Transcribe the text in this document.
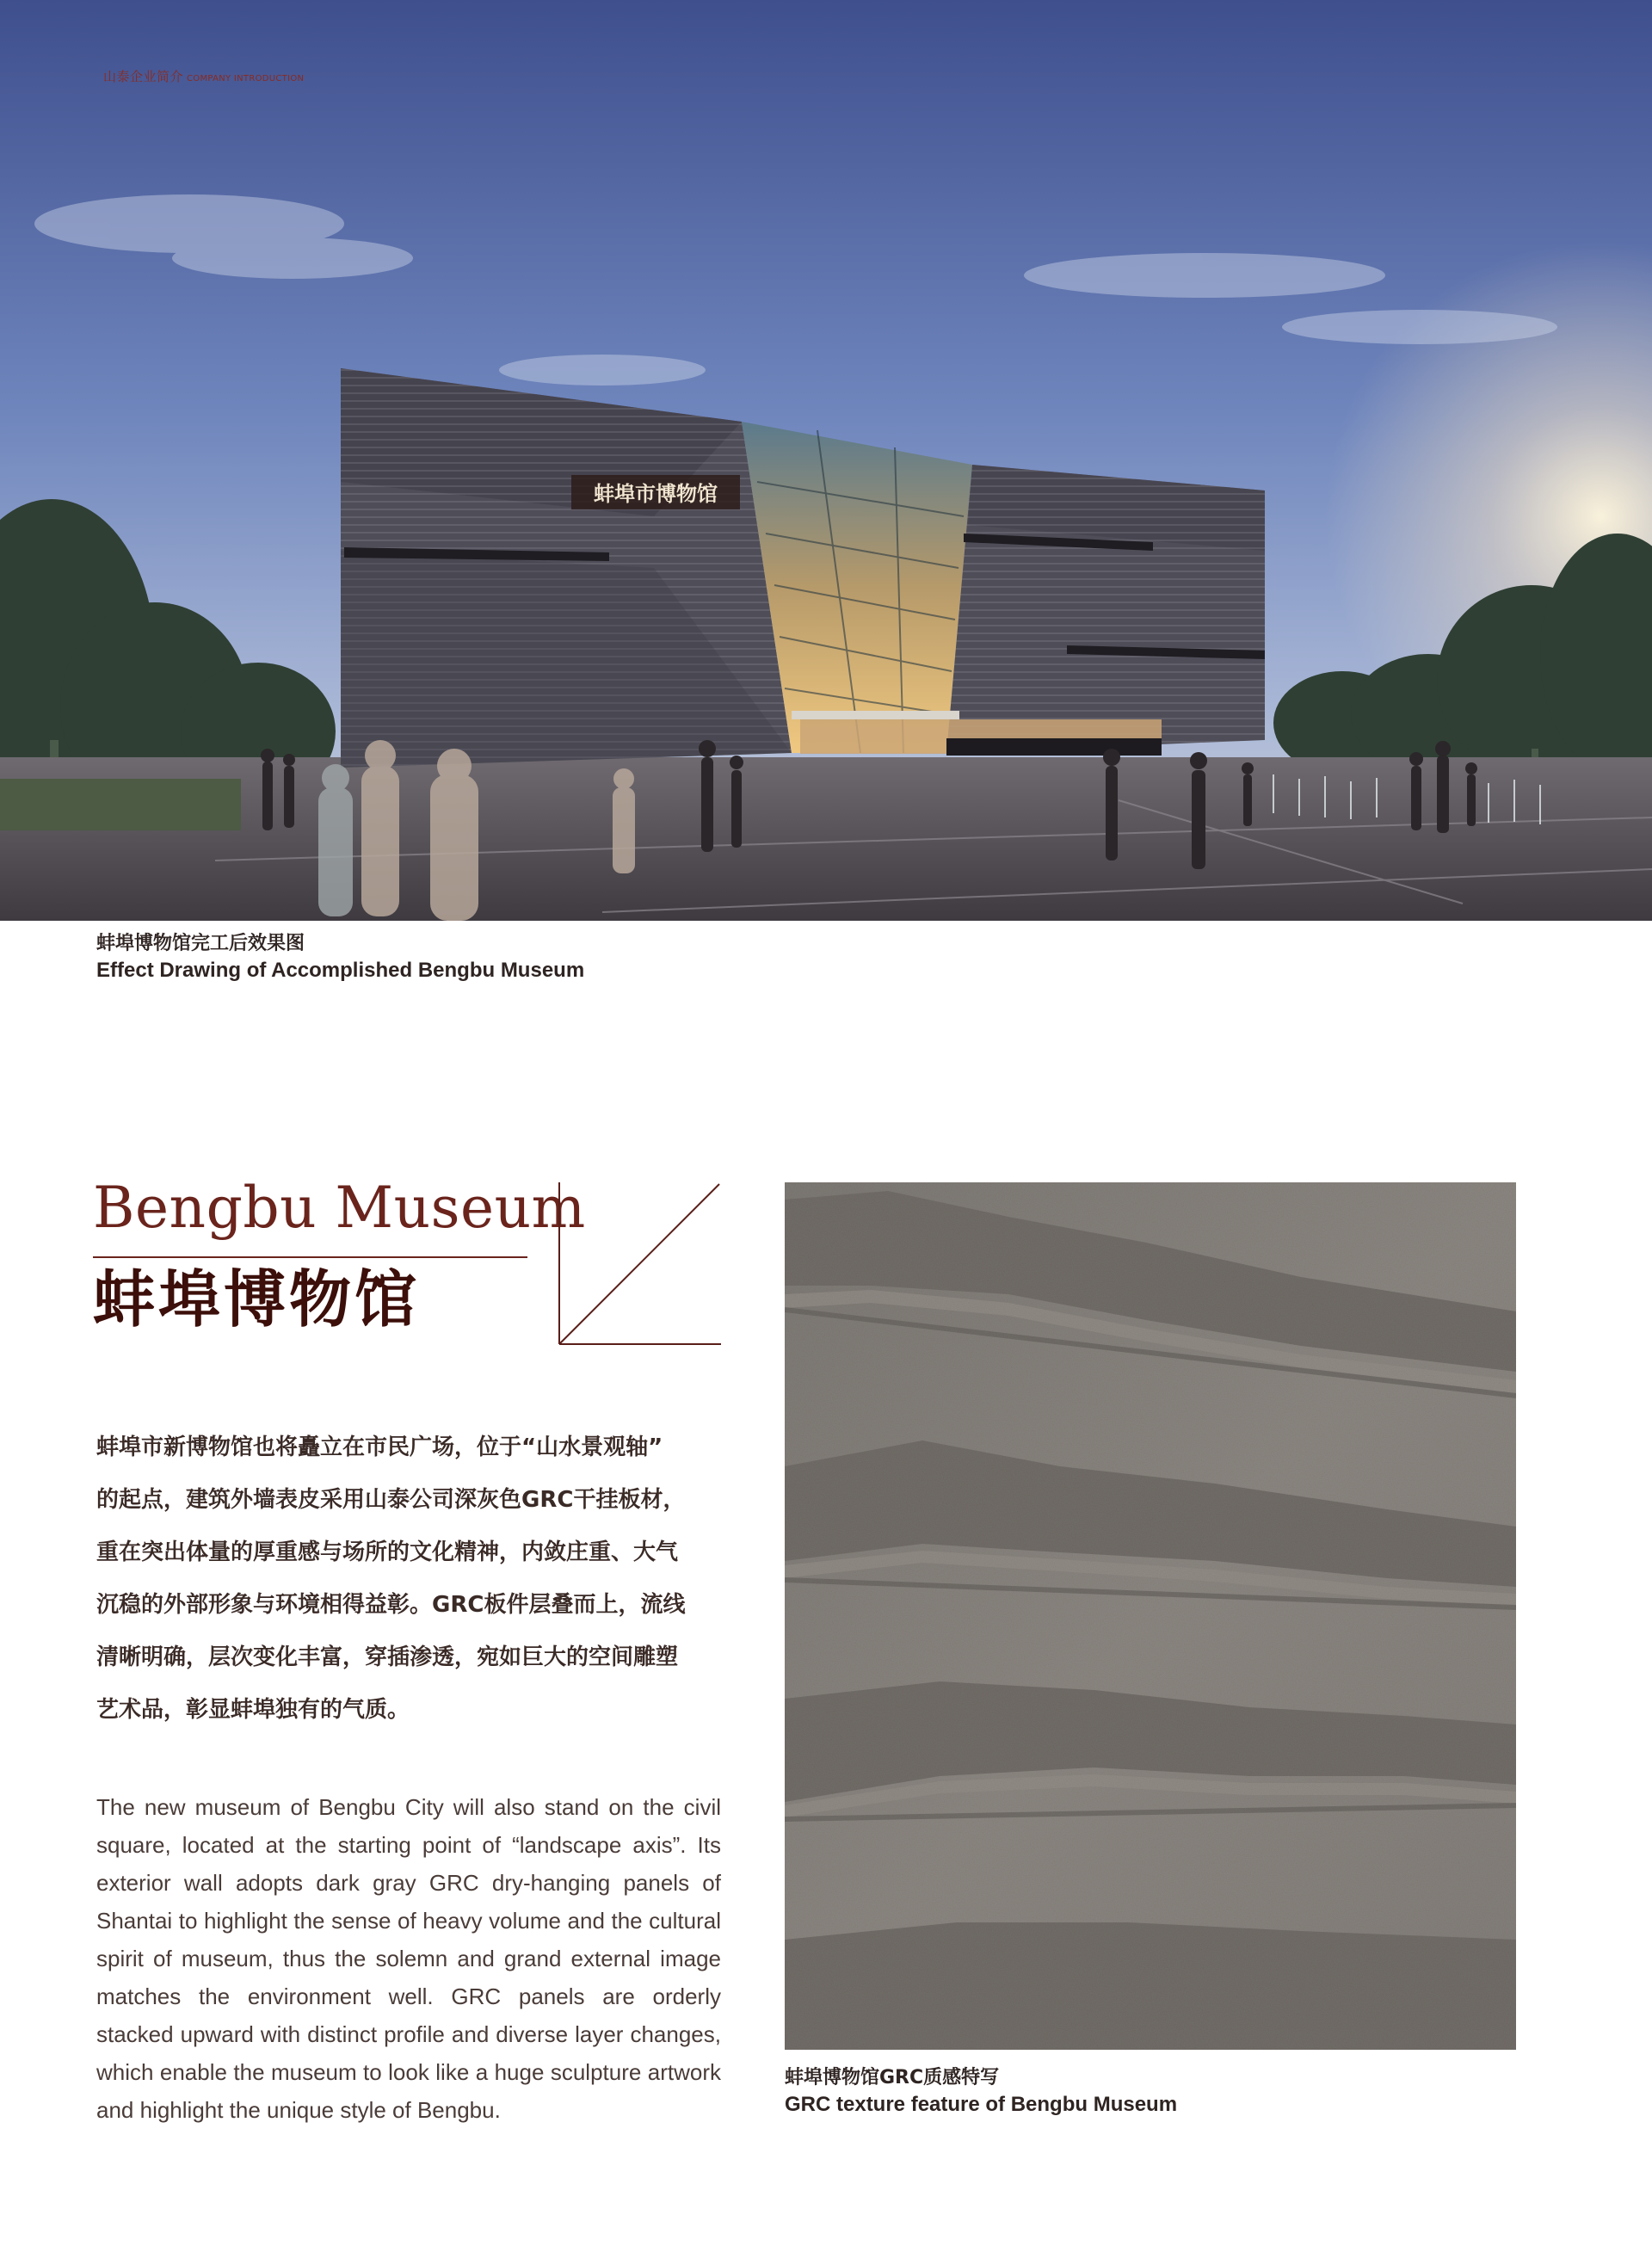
蚌埠市博物馆
山泰企业简介 COMPANY INTRODUCTION
蚌埠博物馆完工后效果图
Effect Drawing of Accomplished Bengbu Museum
Bengbu Museum
蚌埠博物馆

蚌埠市新博物馆也将矗立在市民广场，位于“山水景观轴”

的起点，建筑外墙表皮采用山泰公司深灰色GRC干挂板材，

重在突出体量的厚重感与场所的文化精神，内敛庄重、大气

沉稳的外部形象与环境相得益彰。GRC板件层叠而上，流线

清晰明确，层次变化丰富，穿插渗透，宛如巨大的空间雕塑

艺术品，彰显蚌埠独有的气质。

The new museum of Bengbu City will also stand on the civil square, located at the starting point of “landscape axis”. Its exterior wall adopts dark gray GRC dry-hanging panels of Shantai to highlight the sense of heavy volume and the cultural spirit of museum, thus the solemn and grand external image matches the environment well. GRC panels are orderly stacked upward with distinct profile and diverse layer changes, which enable the museum to look like a huge sculpture artwork and highlight the unique style of Bengbu.
蚌埠博物馆GRC质感特写
GRC texture feature of Bengbu Museum
